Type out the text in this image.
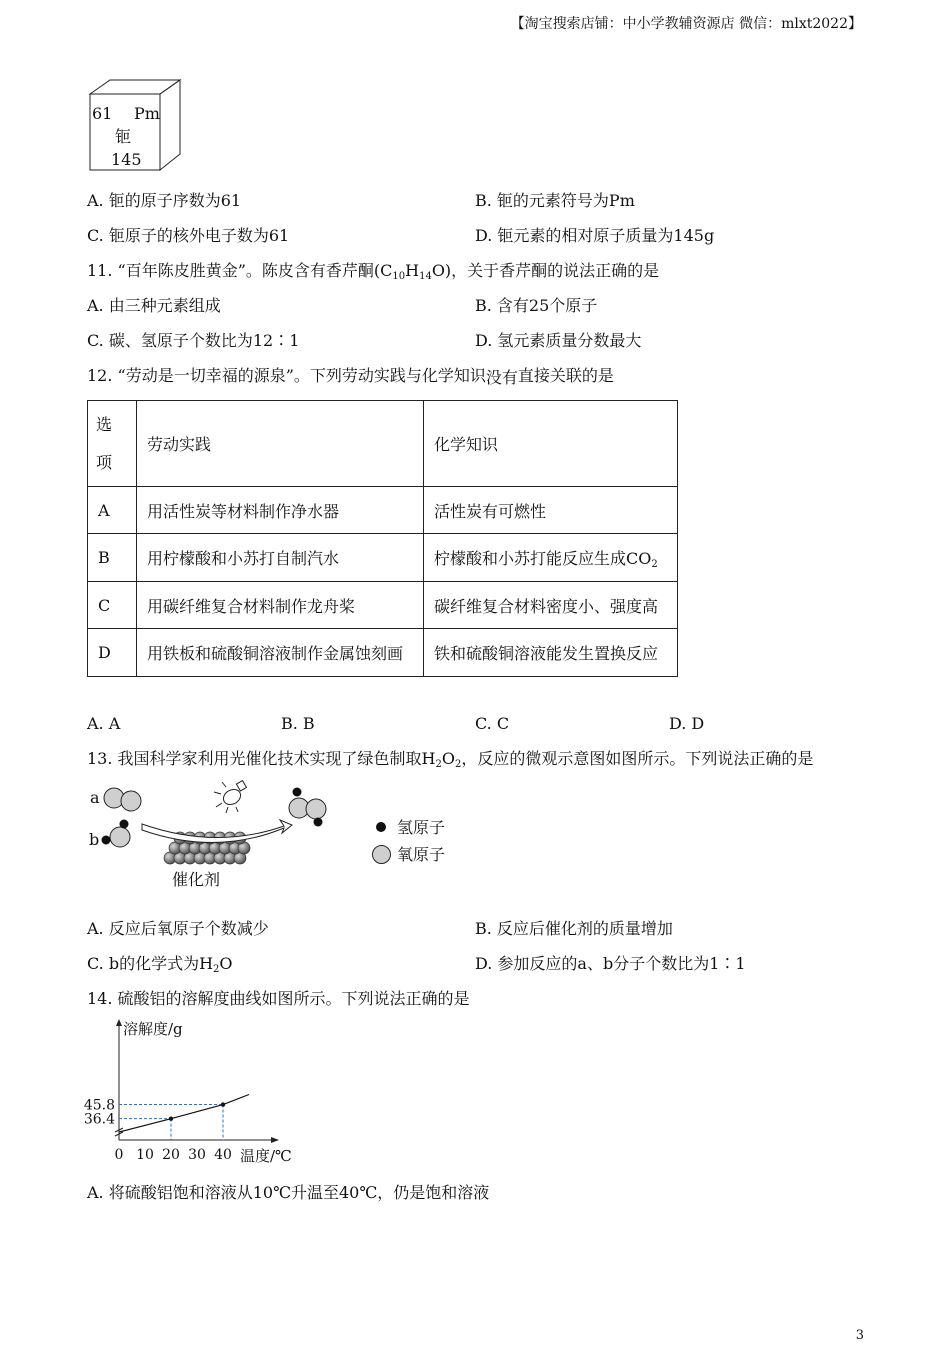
【淘宝搜索店铺：中小学教辅资源店 微信：mlxt2022】
61 Pm
钷
145
A. 钷的原子序数为61	B. 钷的元素符号为Pm
C. 钷原子的核外电子数为61	D. 钷元素的相对原子质量为145g
11. “百年陈皮胜黄金”。陈皮含有香芹酮$(C_{10}H_{14}O)$，关于香芹酮的说法正确的是
A. 由三种元素组成	B. 含有25个原子
C. 碳、氢原子个数比为12∶1	D. 氢元素质量分数最大
12. “劳动是一切幸福的源泉”。下列劳动实践与化学知识没有直接关联的是
选
项	劳动实践	化学知识
A	用活性炭等材料制作净水器	活性炭有可燃性
B	用柠檬酸和小苏打自制汽水	柠檬酸和小苏打能反应生成$CO_2$
C	用碳纤维复合材料制作龙舟桨	碳纤维复合材料密度小、强度高
D	用铁板和硫酸铜溶液制作金属蚀刻画	铁和硫酸铜溶液能发生置换反应
A. A	B. B	C. C	D. D
13. 我国科学家利用光催化技术实现了绿色制取$H_2O_2$，反应的微观示意图如图所示。下列说法正确的是
a
b
催化剂
氢原子
氧原子
A. 反应后氧原子个数减少	B. 反应后催化剂的质量增加
C. b的化学式为$H_2O$	D. 参加反应的a、b分子个数比为1∶1
14. 硫酸铝的溶解度曲线如图所示。下列说法正确的是
36.4
45.8
0 10 20 30 40
溶解度/g
温度/℃
A. 将硫酸铝饱和溶液从10℃升温至40℃，仍是饱和溶液
3
